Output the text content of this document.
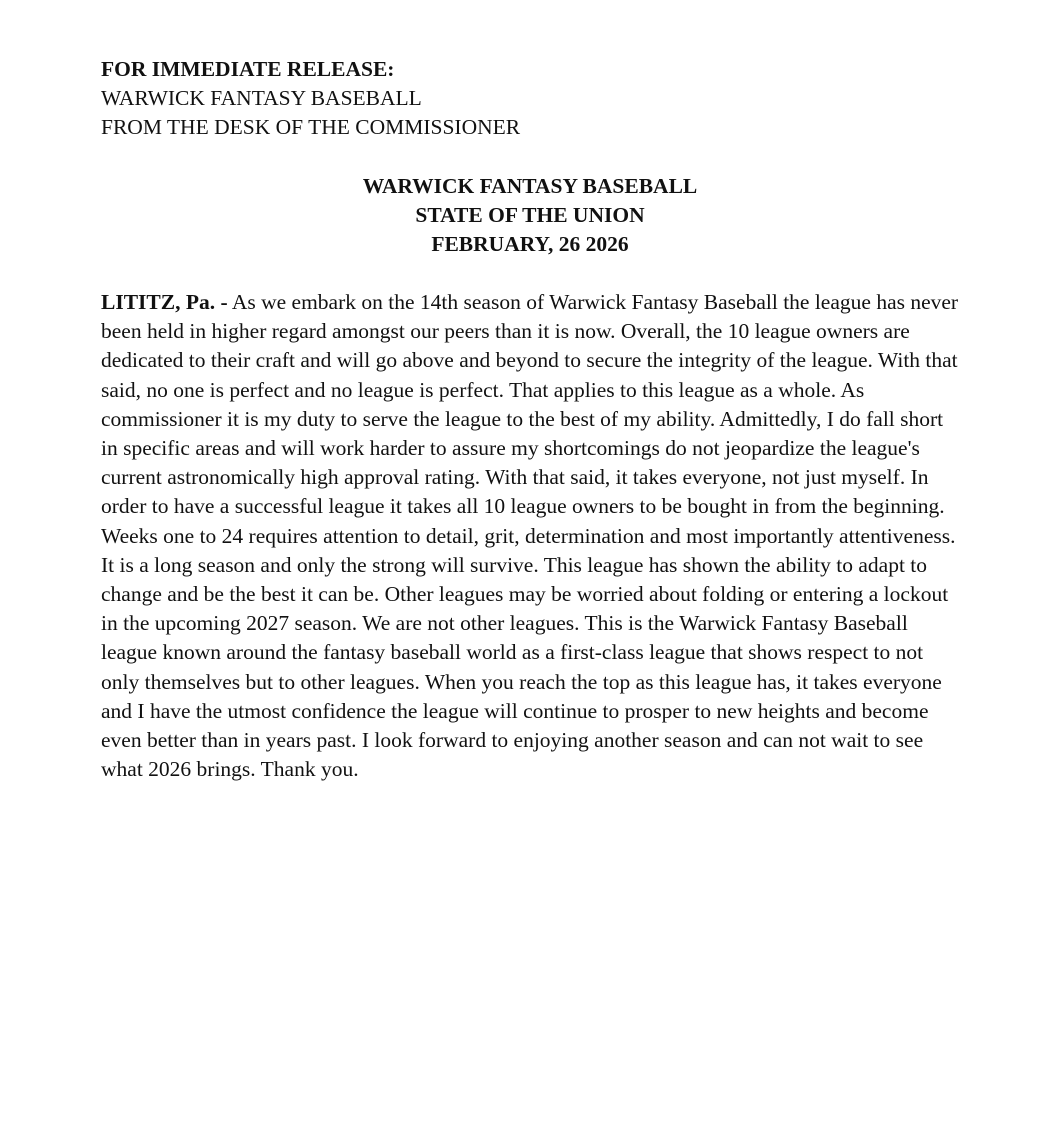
FOR IMMEDIATE RELEASE:
WARWICK FANTASY BASEBALL
FROM THE DESK OF THE COMMISSIONER
WARWICK FANTASY BASEBALL
STATE OF THE UNION
FEBRUARY, 26 2026

LITITZ, Pa. - As we embark on the 14th season of Warwick Fantasy Baseball the league has never been held in higher regard amongst our peers than it is now. Overall, the 10 league owners are dedicated to their craft and will go above and beyond to secure the integrity of the league. With that said, no one is perfect and no league is perfect. That applies to this league as a whole. As commissioner it is my duty to serve the league to the best of my ability. Admittedly, I do fall short in specific areas and will work harder to assure my shortcomings do not jeopardize the league's current astronomically high approval rating. With that said, it takes everyone, not just myself. In order to have a successful league it takes all 10 league owners to be bought in from the beginning. Weeks one to 24 requires attention to detail, grit, determination and most importantly attentiveness. It is a long season and only the strong will survive. This league has shown the ability to adapt to change and be the best it can be. Other leagues may be worried about folding or entering a lockout in the upcoming 2027 season. We are not other leagues. This is the Warwick Fantasy Baseball league known around the fantasy baseball world as a first-class league that shows respect to not only themselves but to other leagues. When you reach the top as this league has, it takes everyone and I have the utmost confidence the league will continue to prosper to new heights and become even better than in years past. I look forward to enjoying another season and can not wait to see what 2026 brings. Thank you.
